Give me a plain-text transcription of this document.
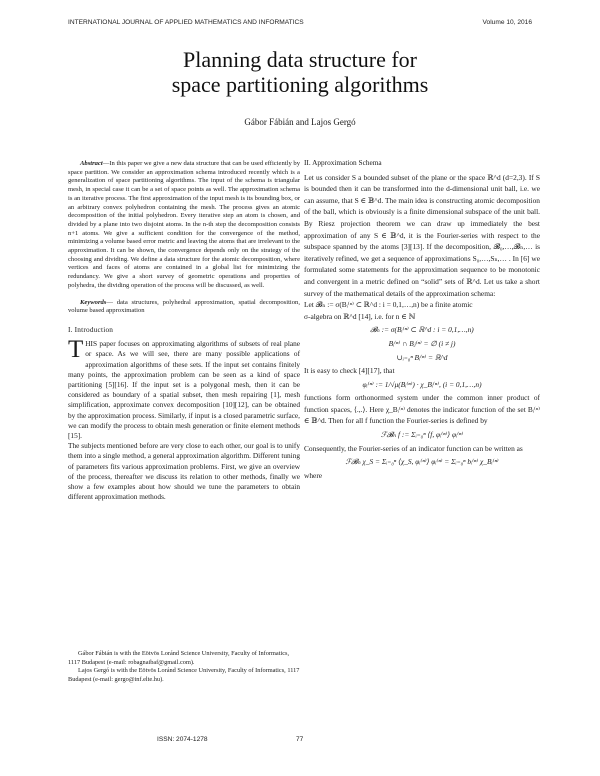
INTERNATIONAL JOURNAL OF APPLIED MATHEMATICS AND INFORMATICS	Volume 10, 2016
Planning data structure for
space partitioning algorithms
Gábor Fábián and Lajos Gergó

Abstract—In this paper we give a new data structure that can be used efficiently by space partition. We consider an approximation schema introduced recently which is a generalization of space partitioning algorithms. The input of the schema is triangular mesh, in special case it can be a set of space points as well. The approximation schema is an iterative process. The first approximation of the input mesh is its bounding box, or an arbitrary convex polyhedron containing the mesh. The process gives an atomic decomposition of the initial polyhedron. Every iterative step an atom is chosen, and divided by a plane into two disjoint atoms. In the n-th step the decomposition consists n+1 atoms. We give a sufficient condition for the convergence of the method, minimizing a volume based error metric and leaving the atoms that are irrelevant to the approximation. It can be shown, the convergence depends only on the strategy of the choosing and dividing. We define a data structure for the atomic decomposition, where vertices and faces of atoms are contained in a global list for minimizing the redundancy. We give a short survey of geometric operations and properties of polyhedra, the dividing operation of the process will be discussed, as well.

Keywords— data structures, polyhedral approximation, spatial decomposition, volume based approximation

I. Introduction

THIS paper focuses on approximating algorithms of subsets of real plane or space. As we will see, there are many possible applications of approximation algorithms of these sets. If the input set contains finitely many points, the approximation problem can be seen as a kind of space partitioning [5][16]. If the input set is a polygonal mesh, then it can be considered as boundary of a spatial subset, then mesh repairing [1], mesh simplification, approximate convex decomposition [10][12], can be obtained by the approximation process. Similarly, if input is a closed parametric surface, we can modify the process to obtain mesh generation or finite element methods [15].

The subjects mentioned before are very close to each other, our goal is to unify them into a single method, a general approximation algorithm. Different tuning of parameters fits various approximation problems. First, we give an overview of the process, thereafter we discuss its relation to other methods, finally we show a few examples about how should we tune the parameters to obtain different approximation methods.

Gábor Fábián is with the Eötvös Loránd Science University, Faculty of Informatics, 1117 Budapest (e-mail: robagnaibaf@gmail.com).

Lajos Gergó is with the Eötvös Loránd Science University, Faculty of Informatics, 1117 Budapest (e-mail: gergo@inf.elte.hu).

II. Approximation Schema

Let us consider S a bounded subset of the plane or the space ℝ^d (d=2,3). If S is bounded then it can be transformed into the d-dimensional unit ball, i.e. we can assume, that S ∈ 𝔹^d. The main idea is constructing atomic decomposition of the ball, which is obviously is a finite dimensional subspace of the unit ball. By Riesz projection theorem we can draw up immediately the best approximation of any S ∈ 𝔹^d, it is the Fourier-series with respect to the subspace spanned by the atoms [3][13]. If the decomposition, 𝓑₀,…,𝓑ₙ,… is iteratively refined, we get a sequence of approximations S₀,…,Sₙ,… . In [6] we formulated some statements for the approximation sequence to be monotonic and convergent in a metric defined on “solid” sets of ℝ^d. Let us take a short survey of the mathematical details of the approximation schema:

Let 𝓑ₙ := σ(Bᵢ⁽ⁿ⁾ ⊂ ℝ^d : i = 0,1,…,n) be a finite atomic

σ-algebra on ℝ^d [14], i.e. for n ∈ ℕ

𝓑ₙ := σ(Bᵢ⁽ⁿ⁾ ⊂ ℝ^d : i = 0,1,…,n)
Bᵢ⁽ⁿ⁾ ∩ Bⱼ⁽ⁿ⁾ = ∅ (i ≠ j)
∪ᵢ₌₀ⁿ Bᵢ⁽ⁿ⁾ = ℝ^d

It is easy to check [4][17], that

φᵢ⁽ⁿ⁾ := 1/√μ(Bᵢ⁽ⁿ⁾) · χ_Bᵢ⁽ⁿ⁾, (i = 0,1,…,n)

functions form orthonormed system under the common inner product of function spaces, ⟨.,.⟩. Here χ_Bᵢ⁽ⁿ⁾ denotes the indicator function of the set Bᵢ⁽ⁿ⁾ ∈ 𝔹^d. Then for all f function the Fourier-series is defined by

ℱ𝓑ₙ f := Σᵢ₌₀ⁿ ⟨f, φᵢ⁽ⁿ⁾⟩ φᵢ⁽ⁿ⁾

Consequently, the Fourier-series of an indicator function can be written as

ℱ𝓑ₙ χ_S = Σᵢ₌₀ⁿ ⟨χ_S, φᵢ⁽ⁿ⁾⟩ φᵢ⁽ⁿ⁾ = Σᵢ₌₀ⁿ bᵢ⁽ⁿ⁾ χ_Bᵢ⁽ⁿ⁾

where

ISSN: 2074-1278	77
